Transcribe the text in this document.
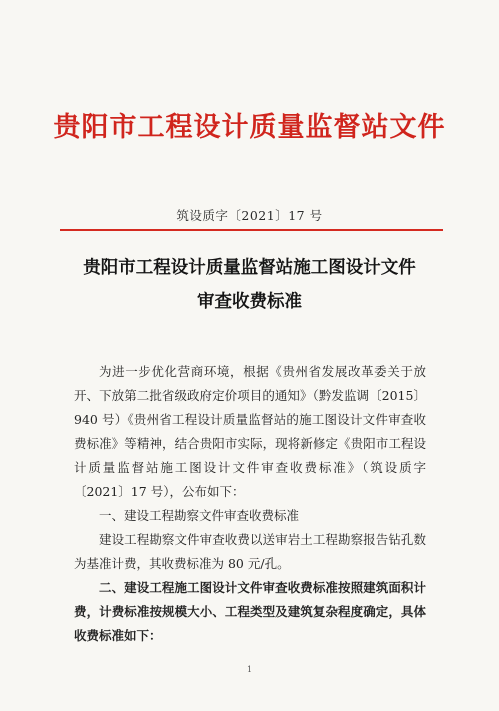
贵阳市工程设计质量监督站文件
筑设质字〔2021〕17 号
贵阳市工程设计质量监督站施工图设计文件
审查收费标准

为进一步优化营商环境，根据《贵州省发展改革委关于放开、下放第二批省级政府定价项目的通知》（黔发监调〔2015〕940 号）《贵州省工程设计质量监督站的施工图设计文件审查收费标准》等精神，结合贵阳市实际，现将新修定《贵阳市工程设计质量监督站施工图设计文件审查收费标准》（筑设质字〔2021〕17 号），公布如下：

一、建设工程勘察文件审查收费标准

建设工程勘察文件审查收费以送审岩土工程勘察报告钻孔数为基准计费，其收费标准为 80 元/孔。

二、建设工程施工图设计文件审查收费标准按照建筑面积计费，计费标准按规模大小、工程类型及建筑复杂程度确定，具体收费标准如下：

1
